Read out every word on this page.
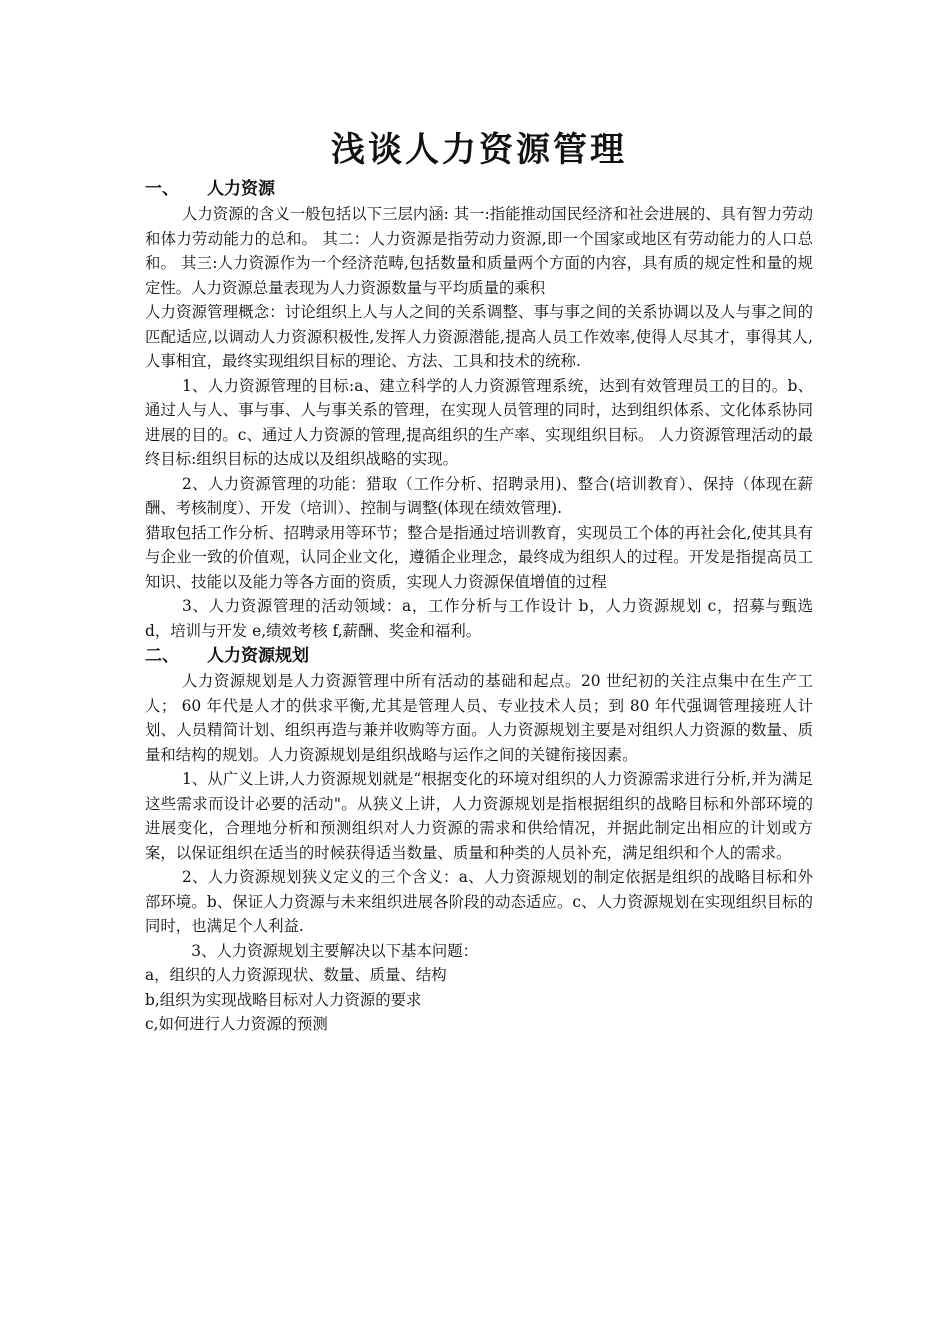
浅谈人力资源管理
一、 人力资源

人力资源的含义一般包括以下三层内涵: 其一:指能推动国民经济和社会进展的、具有智力劳动和体力劳动能力的总和。 其二：人力资源是指劳动力资源,即一个国家或地区有劳动能力的人口总和。 其三:人力资源作为一个经济范畴,包括数量和质量两个方面的内容，具有质的规定性和量的规定性。人力资源总量表现为人力资源数量与平均质量的乘积

人力资源管理概念：讨论组织上人与人之间的关系调整、事与事之间的关系协调以及人与事之间的匹配适应,以调动人力资源积极性,发挥人力资源潜能,提高人员工作效率,使得人尽其才，事得其人,人事相宜，最终实现组织目标的理论、方法、工具和技术的统称.

1、人力资源管理的目标:a、建立科学的人力资源管理系统，达到有效管理员工的目的。b、通过人与人、事与事、人与事关系的管理，在实现人员管理的同时，达到组织体系、文化体系协同进展的目的。c、通过人力资源的管理,提高组织的生产率、实现组织目标。 人力资源管理活动的最终目标:组织目标的达成以及组织战略的实现。

2、人力资源管理的功能：猎取（工作分析、招聘录用)、整合(培训教育）、保持（体现在薪酬、考核制度）、开发（培训）、控制与调整(体现在绩效管理).

猎取包括工作分析、招聘录用等环节；整合是指通过培训教育，实现员工个体的再社会化,使其具有与企业一致的价值观，认同企业文化，遵循企业理念，最终成为组织人的过程。开发是指提高员工知识、技能以及能力等各方面的资质，实现人力资源保值增值的过程

3、人力资源管理的活动领域：a，工作分析与工作设计 b，人力资源规划 c，招募与甄选 d，培训与开发 e,绩效考核 f,薪酬、奖金和福利。

二、 人力资源规划

人力资源规划是人力资源管理中所有活动的基础和起点。20 世纪初的关注点集中在生产工人； 60 年代是人才的供求平衡,尤其是管理人员、专业技术人员；到 80 年代强调管理接班人计划、人员精简计划、组织再造与兼并收购等方面。人力资源规划主要是对组织人力资源的数量、质量和结构的规划。人力资源规划是组织战略与运作之间的关键衔接因素。

1、从广义上讲,人力资源规划就是“根据变化的环境对组织的人力资源需求进行分析,并为满足这些需求而设计必要的活动"。从狭义上讲，人力资源规划是指根据组织的战略目标和外部环境的进展变化，合理地分析和预测组织对人力资源的需求和供给情况，并据此制定出相应的计划或方案，以保证组织在适当的时候获得适当数量、质量和种类的人员补充，满足组织和个人的需求。

2、人力资源规划狭义定义的三个含义：a、人力资源规划的制定依据是组织的战略目标和外部环境。b、保证人力资源与未来组织进展各阶段的动态适应。c、人力资源规划在实现组织目标的同时，也满足个人利益.

3、人力资源规划主要解决以下基本问题：

a，组织的人力资源现状、数量、质量、结构

b,组织为实现战略目标对人力资源的要求

c,如何进行人力资源的预测
